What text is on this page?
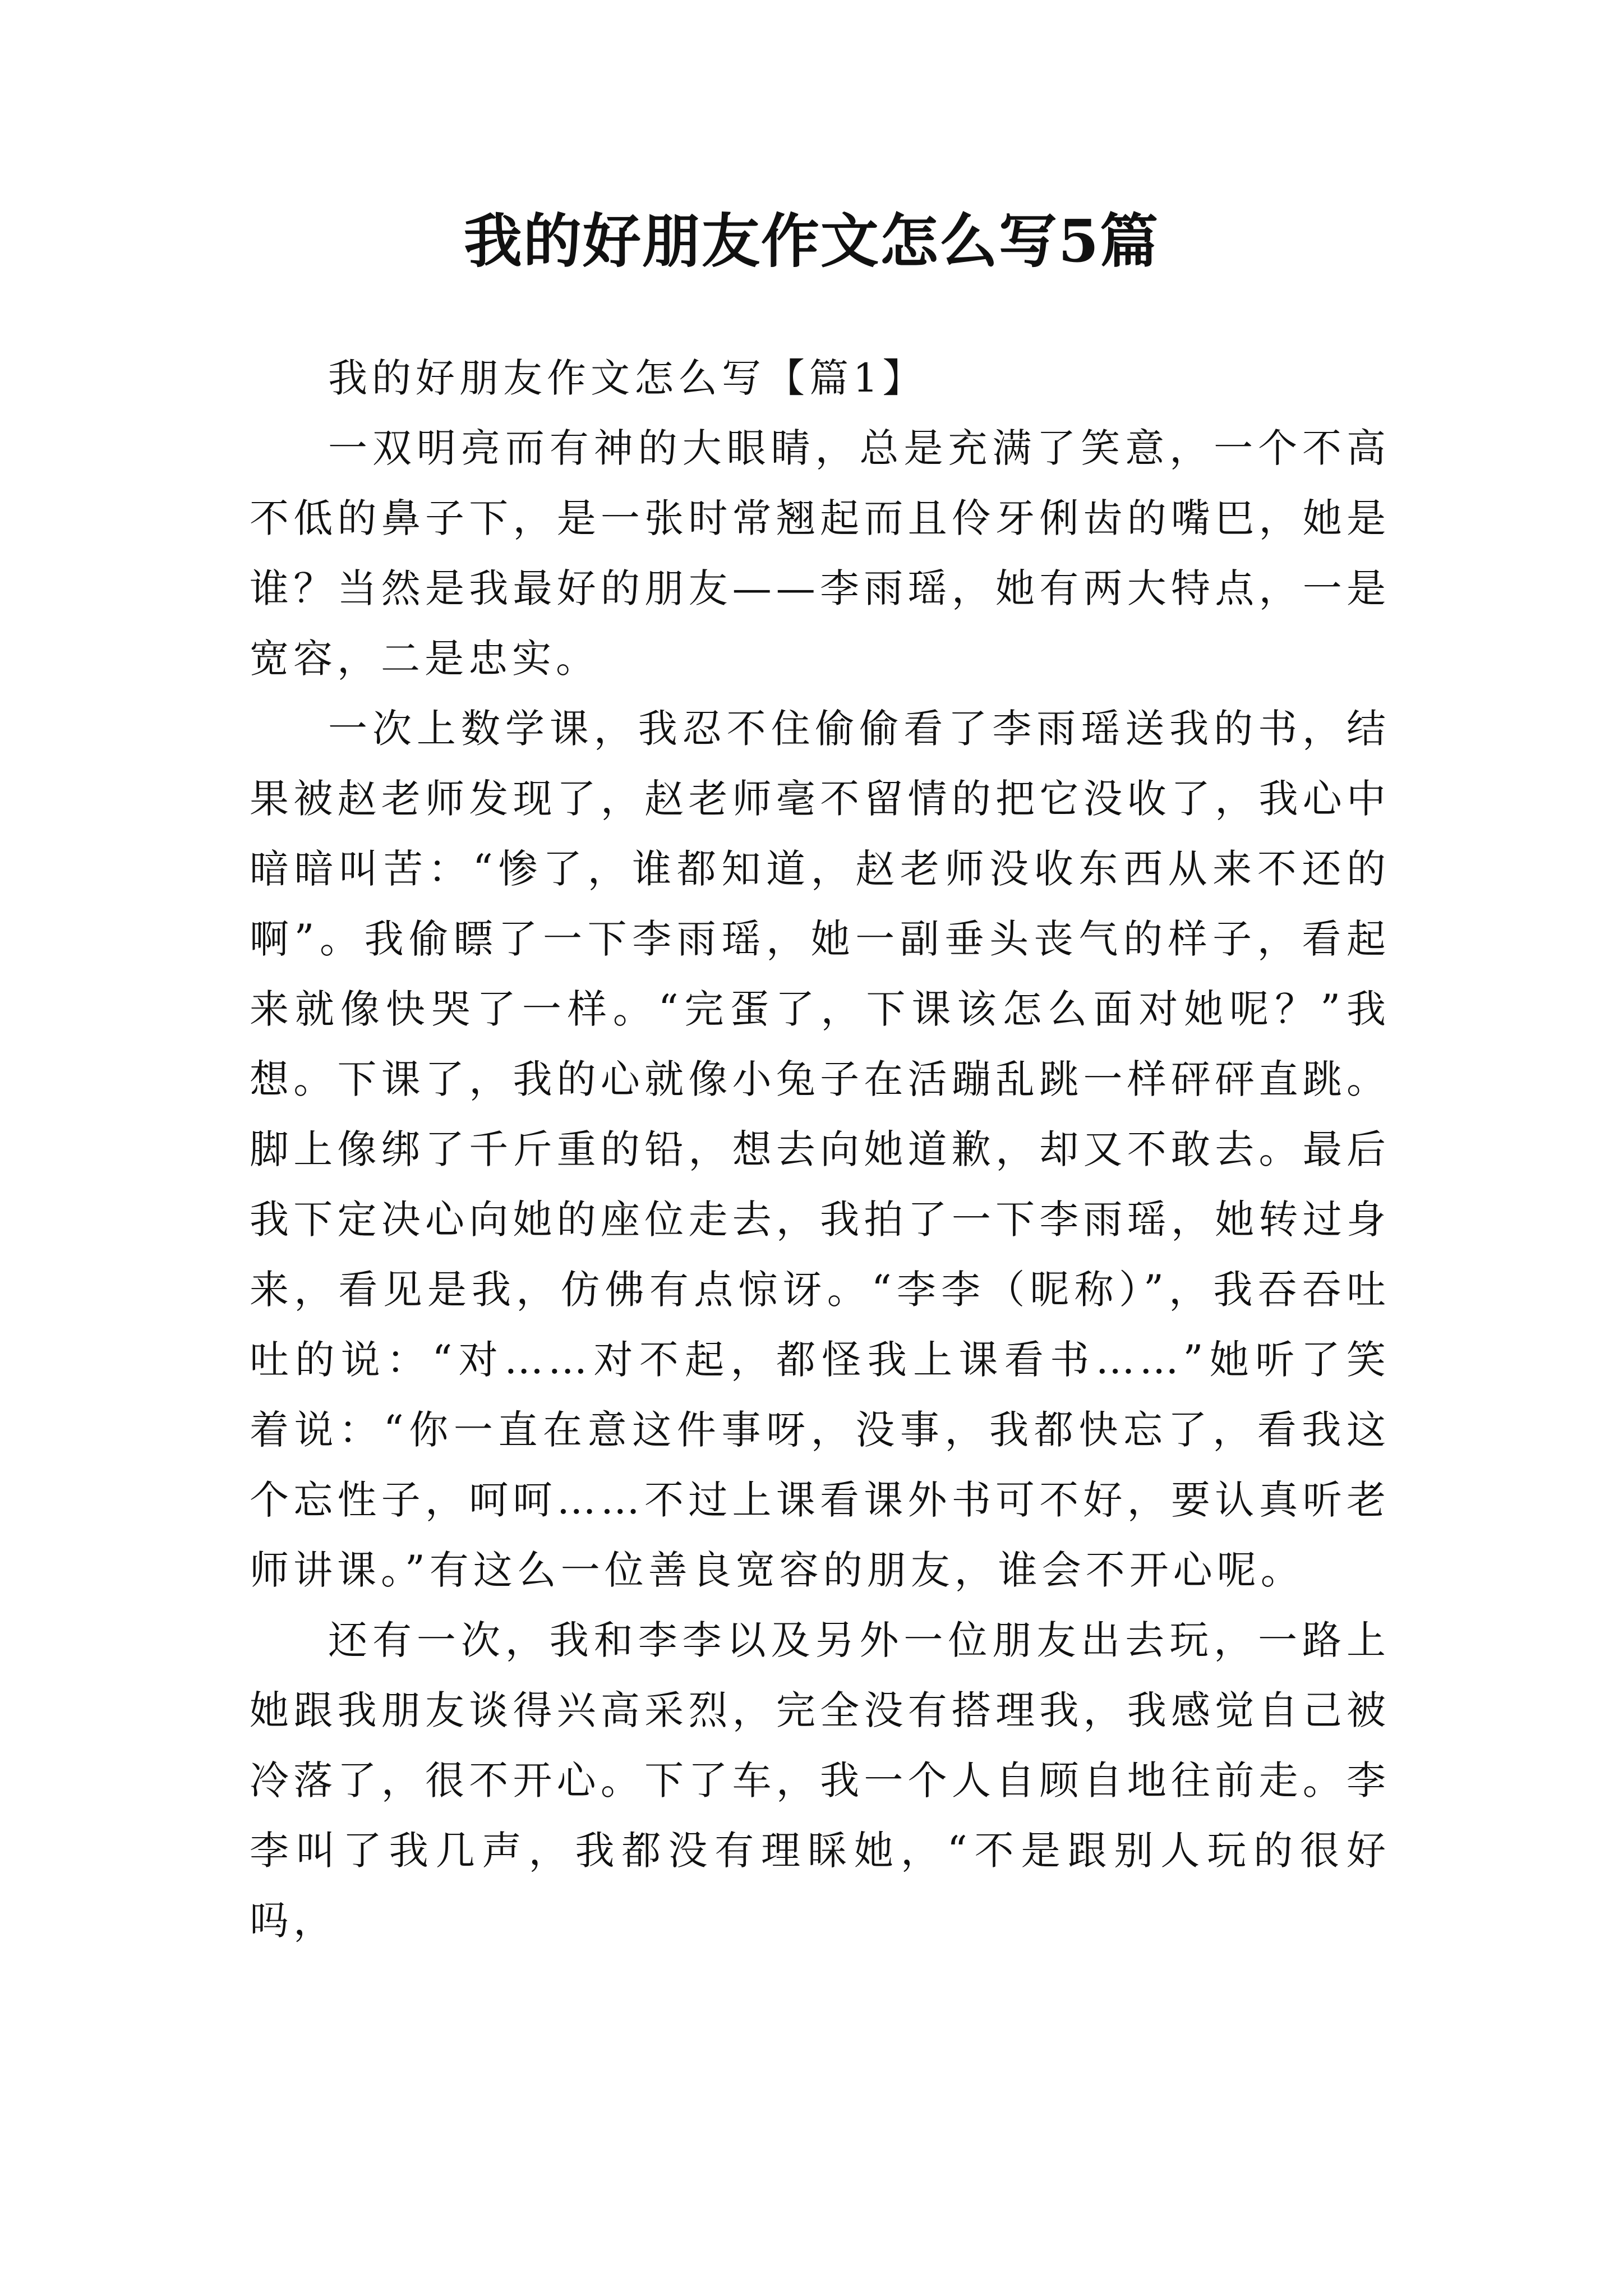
我的好朋友作文怎么写5篇

我的好朋友作文怎么写【篇1】

一双明亮而有神的大眼睛，总是充满了笑意，一个不高不低的鼻子下，是一张时常翘起而且伶牙俐齿的嘴巴，她是谁？当然是我最好的朋友——李雨瑶，她有两大特点，一是宽容，二是忠实。

一次上数学课，我忍不住偷偷看了李雨瑶送我的书，结果被赵老师发现了，赵老师毫不留情的把它没收了，我心中暗暗叫苦：“惨了，谁都知道，赵老师没收东西从来不还的啊”。我偷瞟了一下李雨瑶，她一副垂头丧气的样子，看起来就像快哭了一样。“完蛋了，下课该怎么面对她呢？”我想。下课了，我的心就像小兔子在活蹦乱跳一样砰砰直跳。脚上像绑了千斤重的铅，想去向她道歉，却又不敢去。最后我下定决心向她的座位走去，我拍了一下李雨瑶，她转过身来，看见是我，仿佛有点惊讶。“李李（昵称）”，我吞吞吐吐的说：“对……对不起，都怪我上课看书……”她听了笑着说：“你一直在意这件事呀，没事，我都快忘了，看我这个忘性子，呵呵……不过上课看课外书可不好，要认真听老师讲课。”有这么一位善良宽容的朋友，谁会不开心呢。

还有一次，我和李李以及另外一位朋友出去玩，一路上她跟我朋友谈得兴高采烈，完全没有搭理我，我感觉自己被冷落了，很不开心。下了车，我一个人自顾自地往前走。李李叫了我几声，我都没有理睬她，“不是跟别人玩的很好吗，
